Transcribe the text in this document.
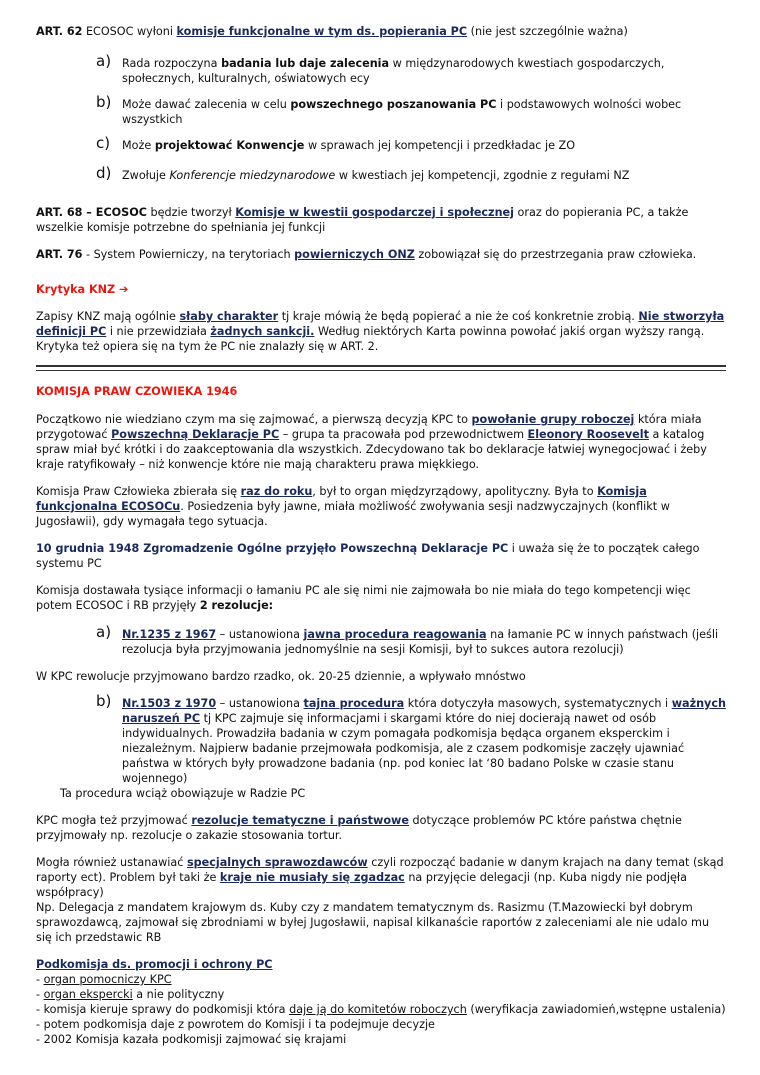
ART. 62 ECOSOC wyłoni komisje funkcjonalne w tym ds. popierania PC (nie jest szczególnie ważna)

a) Rada rozpoczyna badania lub daje zalecenia w międzynarodowych kwestiach gospodarczych, społecznych, kulturalnych, oświatowych ecy

b) Może dawać zalecenia w celu powszechnego poszanowania PC i podstawowych wolności wobec wszystkich

c) Może projektować Konwencje w sprawach jej kompetencji i przedkładac je ZO

d) Zwołuje Konferencje miedzynarodowe w kwestiach jej kompetencji, zgodnie z regułami NZ

ART. 68 – ECOSOC będzie tworzył Komisje w kwestii gospodarczej i społecznej oraz do popierania PC, a także wszelkie komisje potrzebne do spełniania jej funkcji

ART. 76 - System Powierniczy, na terytoriach powierniczych ONZ zobowiązał się do przestrzegania praw człowieka.

Krytyka KNZ ➔

Zapisy KNZ mają ogólnie słaby charakter tj kraje mówią że będą popierać a nie że coś konkretnie zrobią. Nie stworzyła definicji PC i nie przewidziała żadnych sankcji. Według niektórych Karta powinna powołać jakiś organ wyższy rangą. Krytyka też opiera się na tym że PC nie znalazły się w ART. 2.

KOMISJA PRAW CZOWIEKA 1946

Początkowo nie wiedziano czym ma się zajmować, a pierwszą decyzją KPC to powołanie grupy roboczej która miała przygotować Powszechną Deklaracje PC – grupa ta pracowała pod przewodnictwem Eleonory Roosevelt a katalog spraw miał być krótki i do zaakceptowania dla wszystkich. Zdecydowano tak bo deklaracje łatwiej wynegocjować i żeby kraje ratyfikowały – niż konwencje które nie mają charakteru prawa miękkiego.

Komisja Praw Człowieka zbierała się raz do roku, był to organ międzyrządowy, apolityczny. Była to Komisja funkcjonalna ECOSOCu. Posiedzenia były jawne, miała możliwość zwoływania sesji nadzwyczajnych (konflikt w Jugosławii), gdy wymagała tego sytuacja.

10 grudnia 1948 Zgromadzenie Ogólne przyjęło Powszechną Deklaracje PC i uważa się że to początek całego systemu PC

Komisja dostawała tysiące informacji o łamaniu PC ale się nimi nie zajmowała bo nie miała do tego kompetencji więc potem ECOSOC i RB przyjęły 2 rezolucje:

a) Nr.1235 z 1967 – ustanowiona jawna procedura reagowania na łamanie PC w innych państwach (jeśli rezolucja była przyjmowania jednomyślnie na sesji Komisji, był to sukces autora rezolucji)

W KPC rewolucje przyjmowano bardzo rzadko, ok. 20-25 dziennie, a wpływało mnóstwo

b) Nr.1503 z 1970 – ustanowiona tajna procedura która dotyczyła masowych, systematycznych i ważnych naruszeń PC tj KPC zajmuje się informacjami i skargami które do niej docierają nawet od osób indywidualnych. Prowadziła badania w czym pomagała podkomisja będąca organem eksperckim i niezależnym. Najpierw badanie przejmowała podkomisja, ale z czasem podkomisje zaczęły ujawniać państwa w których były prowadzone badania (np. pod koniec lat ‘80 badano Polske w czasie stanu wojennego)

Ta procedura wciąż obowiązuje w Radzie PC

KPC mogła też przyjmować rezolucje tematyczne i państwowe dotyczące problemów PC które państwa chętnie przyjmowały np. rezolucje o zakazie stosowania tortur.

Mogła również ustanawiać specjalnych sprawozdawców czyli rozpocząć badanie w danym krajach na dany temat (skąd raporty ect). Problem był taki że kraje nie musiały się zgadzac na przyjęcie delegacji (np. Kuba nigdy nie podjęła współpracy)

Np. Delegacja z mandatem krajowym ds. Kuby czy z mandatem tematycznym ds. Rasizmu (T.Mazowiecki był dobrym sprawozdawcą, zajmował się zbrodniami w byłej Jugosławii, napisal kilkanaście raportów z zaleceniami ale nie udalo mu się ich przedstawic RB

Podkomisja ds. promocji i ochrony PC

- organ pomocniczy KPC

- organ ekspercki a nie polityczny

- komisja kieruje sprawy do podkomisji która daje ją do komitetów roboczych (weryfikacja zawiadomień,wstępne ustalenia)

- potem podkomisja daje z powrotem do Komisji i ta podejmuje decyzje

- 2002 Komisja kazała podkomisji zajmować się krajami
